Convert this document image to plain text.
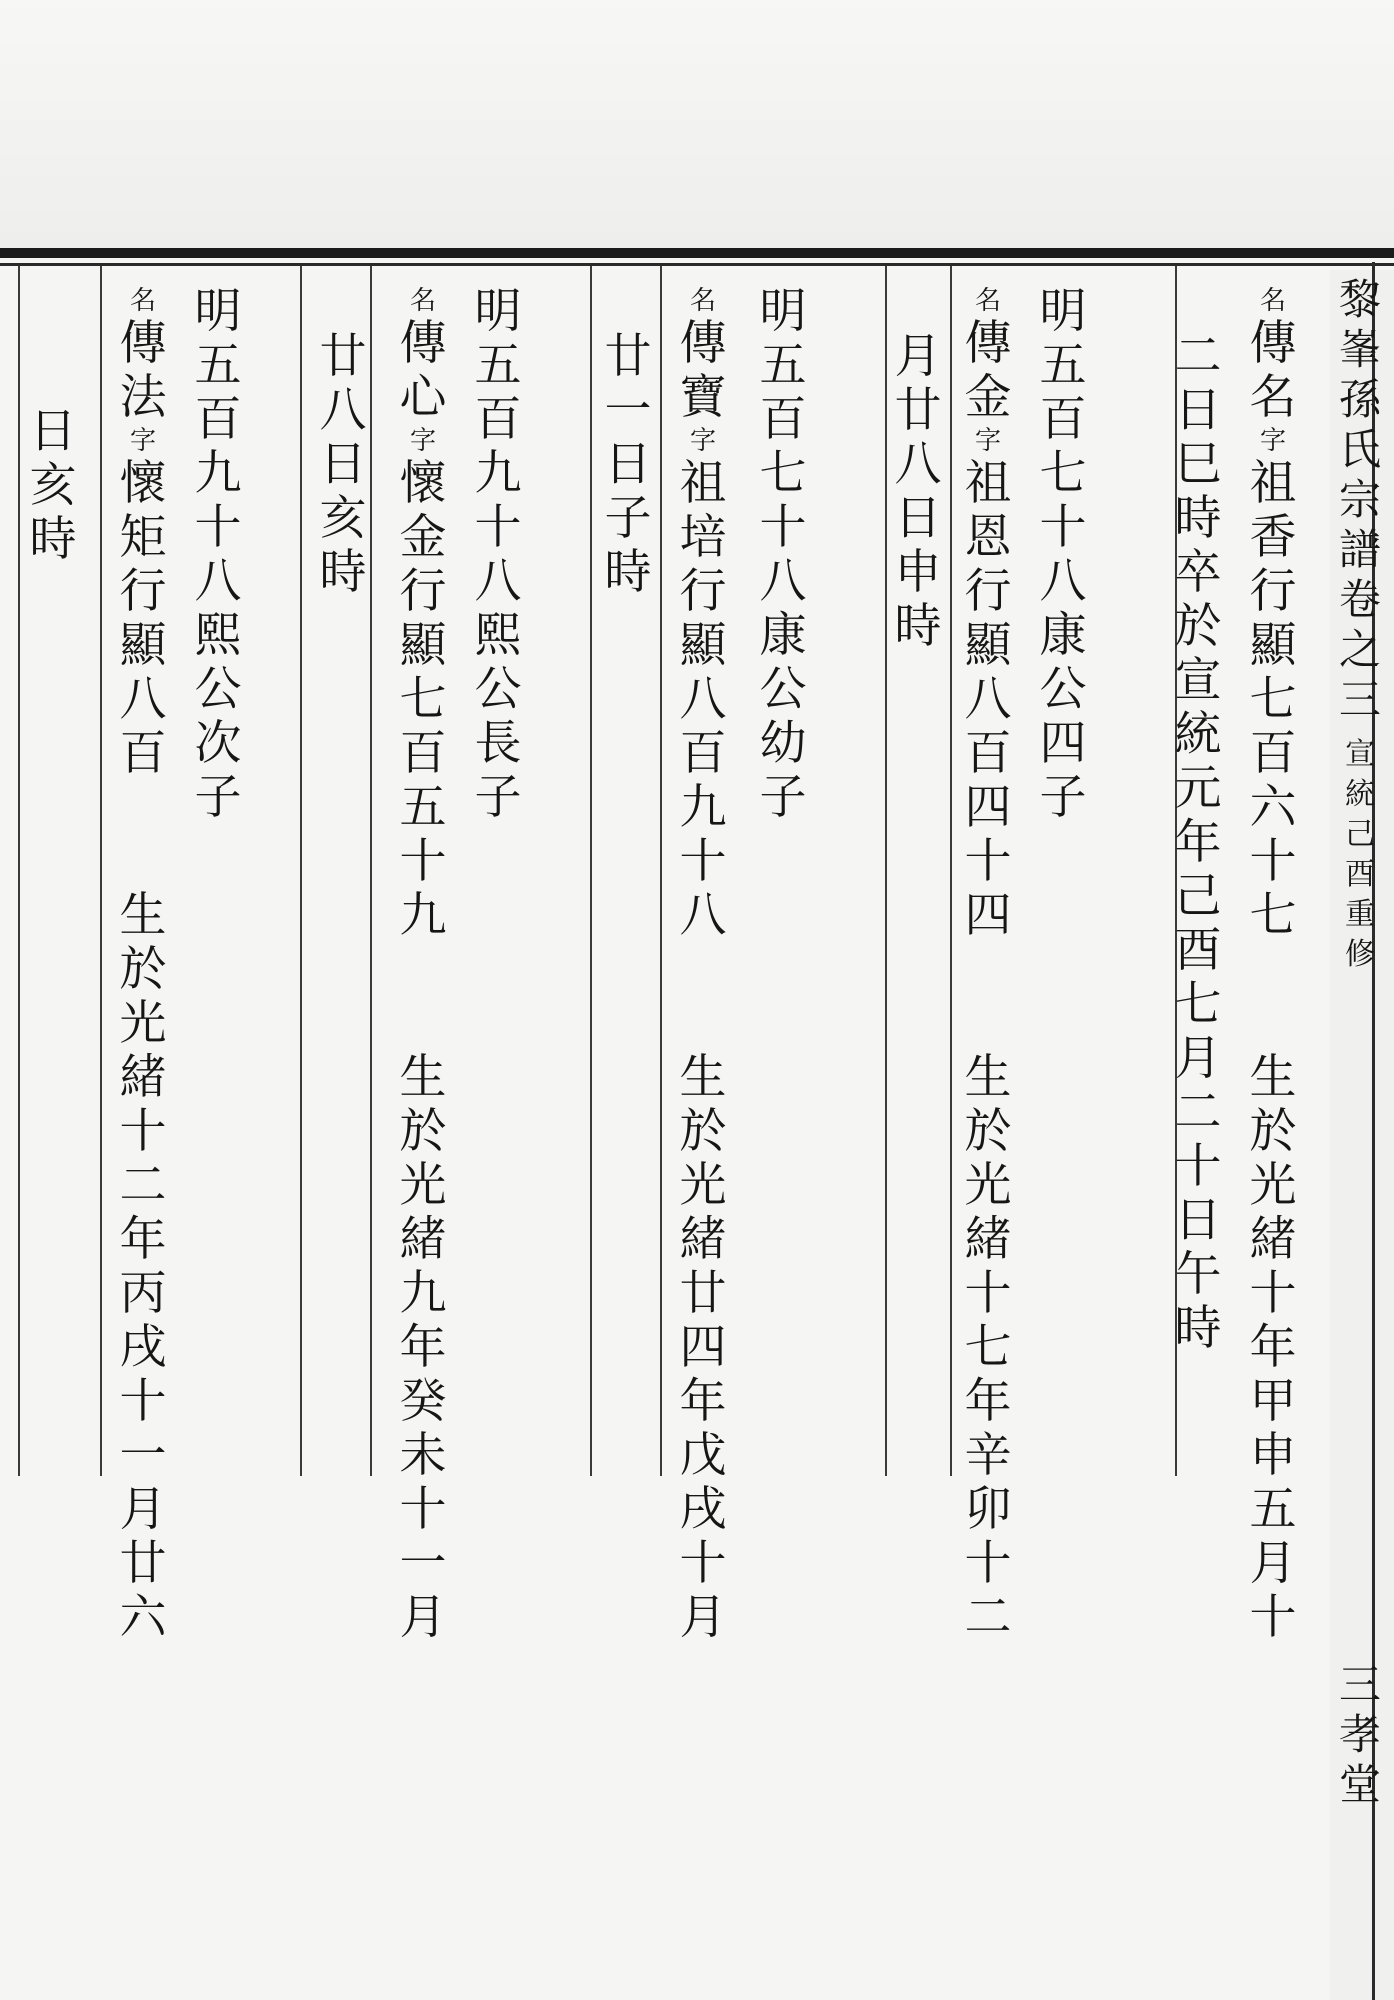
名
傳
名
字
祖
香
行
顯
七
百
六
十
七
生
於
光
緒
十
年
甲
申
五
月
十
二
日
巳
時
卒
於
宣
統
元
年
己
酉
七
月
二
十
日
午
時
明
五
百
七
十
八
康
公
四
子
名
傳
金
字
祖
恩
行
顯
八
百
四
十
四
生
於
光
緒
十
七
年
辛
卯
十
二
月
廿
八
日
申
時
明
五
百
七
十
八
康
公
幼
子
名
傳
寶
字
祖
培
行
顯
八
百
九
十
八
生
於
光
緒
廿
四
年
戊
戌
十
月
廿
一
日
子
時
明
五
百
九
十
八
熙
公
長
子
名
傳
心
字
懷
金
行
顯
七
百
五
十
九
生
於
光
緒
九
年
癸
未
十
一
月
廿
八
日
亥
時
明
五
百
九
十
八
熙
公
次
子
名
傳
法
字
懷
矩
行
顯
八
百
生
於
光
緒
十
二
年
丙
戌
十
一
月
廿
六
日
亥
時
黎
峯
孫
氏
宗
譜
卷
之
三
宣
統
己
酉
重
修
三
孝
堂
